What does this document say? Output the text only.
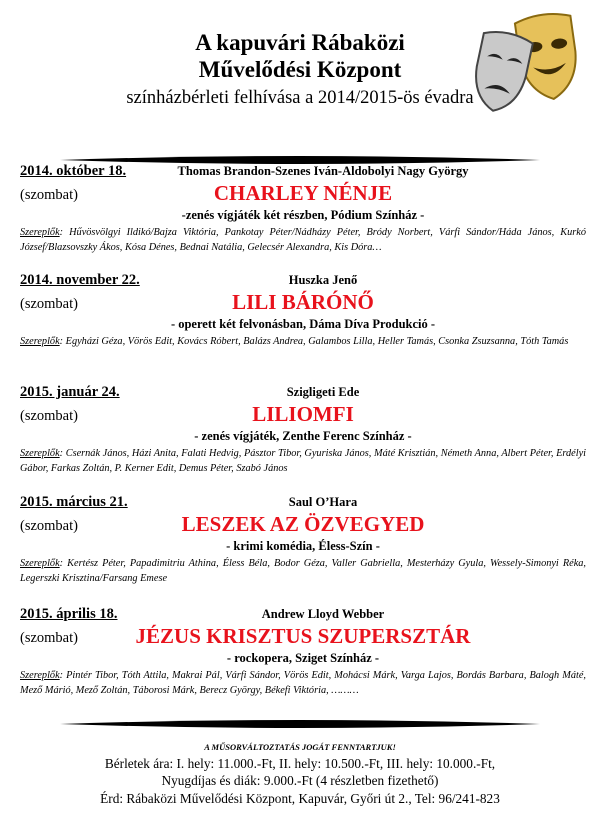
A kapuvári Rábaközi
Művelődési Központ
színházbérleti felhívása a 2014/2015-ös évadra
2014. október 18.	Thomas Brandon-Szenes Iván-Aldobolyi Nagy György
(szombat)	CHARLEY NÉNJE
-zenés vígjáték két részben, Pódium Színház -
Szereplők: Hűvösvölgyi Ildikó/Bajza Viktória, Pankotay Péter/Nádházy Péter, Bródy Norbert, Várfi Sándor/Háda János, Kurkó József/Blazsovszky Ákos, Kósa Dénes, Bednai Natália, Gelecsér Alexandra, Kis Dóra…
2014. november 22.	Huszka Jenő
(szombat)	LILI BÁRÓNŐ
- operett két felvonásban, Dáma Díva Produkció -
Szereplők: Egyházi Géza, Vörös Edit, Kovács Róbert, Balázs Andrea, Galambos Lilla, Heller Tamás, Csonka Zsuzsanna, Tóth Tamás
2015. január 24.	Szigligeti Ede
(szombat)	LILIOMFI
- zenés vígjáték, Zenthe Ferenc Színház -
Szereplők: Csernák János, Házi Anita, Falati Hedvig, Pásztor Tibor, Gyuriska János, Máté Krisztián, Németh Anna, Albert Péter, Erdélyi Gábor, Farkas Zoltán, P. Kerner Edit, Demus Péter, Szabó János
2015. március 21.	Saul O’Hara
(szombat)	LESZEK AZ ÖZVEGYED
- krimi komédia, Éless-Szín -
Szereplők: Kertész Péter, Papadimitriu Athina, Éless Béla, Bodor Géza, Valler Gabriella, Mesterházy Gyula, Wessely-Simonyi Réka, Legerszki Krisztina/Farsang Emese
2015. április 18.	Andrew Lloyd Webber
(szombat)	JÉZUS KRISZTUS SZUPERSZTÁR
- rockopera, Sziget Színház -
Szereplők: Pintér Tibor, Tóth Attila, Makrai Pál, Várfi Sándor, Vörös Edit, Mohácsi Márk, Varga Lajos, Bordás Barbara, Balogh Máté, Mező Márió, Mező Zoltán, Táborosi Márk, Berecz György, Békefi Viktória, ………
A MŰSORVÁLTOZTATÁS JOGÁT FENNTARTJUK!
Bérletek ára: I. hely: 11.000.-Ft, II. hely: 10.500.-Ft, III. hely: 10.000.-Ft,
Nyugdíjas és diák: 9.000.-Ft (4 részletben fizethető)
Érd: Rábaközi Művelődési Központ, Kapuvár, Győri út 2., Tel: 96/241-823
